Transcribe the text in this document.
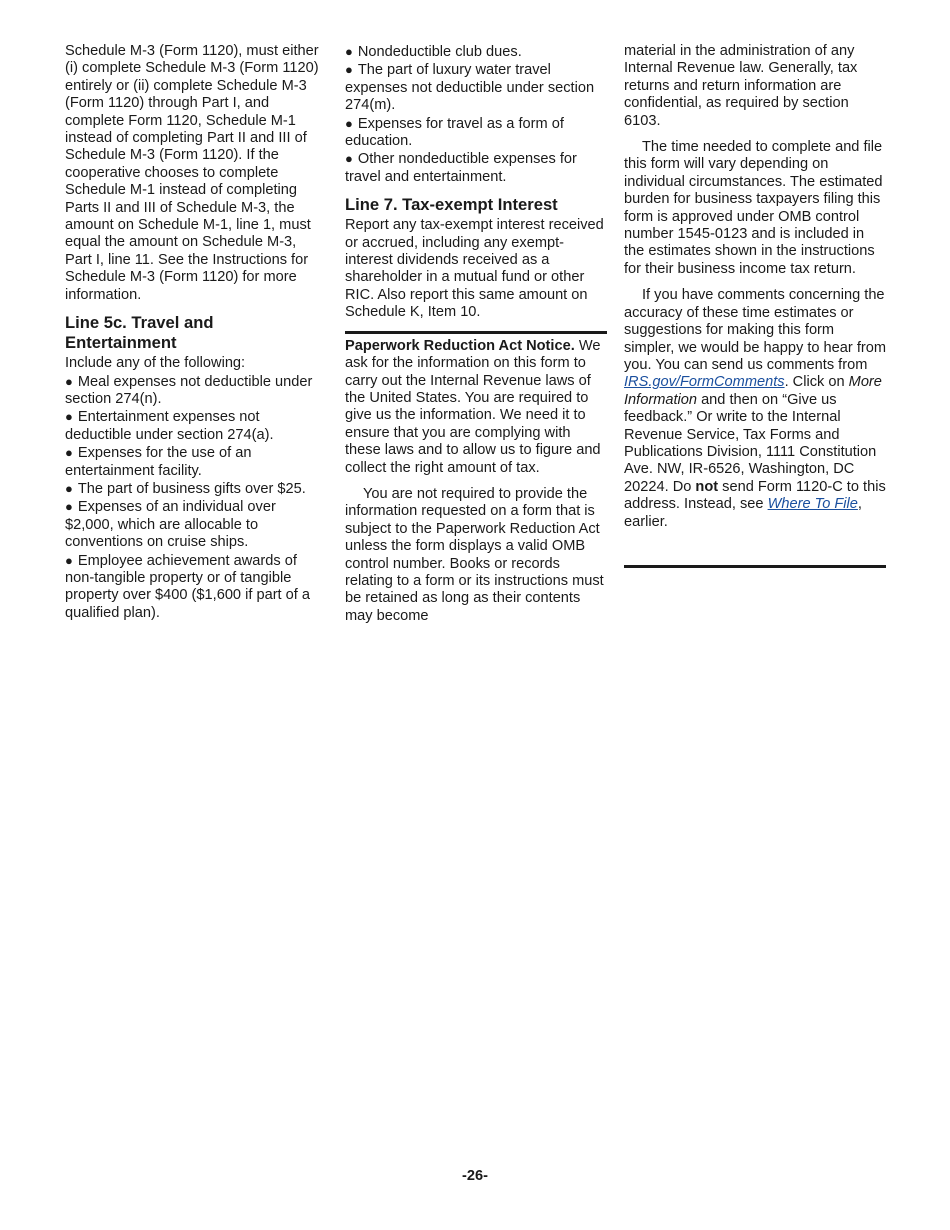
Schedule M-3 (Form 1120), must either (i) complete Schedule M-3 (Form 1120) entirely or (ii) complete Schedule M-3 (Form 1120) through Part I, and complete Form 1120, Schedule M-1 instead of completing Part II and III of Schedule M-3 (Form 1120). If the cooperative chooses to complete Schedule M-1 instead of completing Parts II and III of Schedule M-3, the amount on Schedule M-1, line 1, must equal the amount on Schedule M-3, Part I, line 11. See the Instructions for Schedule M-3 (Form 1120) for more information.

Line 5c. Travel and Entertainment

Include any of the following:

● Meal expenses not deductible under section 274(n).
● Entertainment expenses not deductible under section 274(a).
● Expenses for the use of an entertainment facility.
● The part of business gifts over $25.
● Expenses of an individual over $2,000, which are allocable to conventions on cruise ships.
● Employee achievement awards of non-tangible property or of tangible property over $400 ($1,600 if part of a qualified plan).
● Nondeductible club dues.
● The part of luxury water travel expenses not deductible under section 274(m).
● Expenses for travel as a form of education.
● Other nondeductible expenses for travel and entertainment.
Line 7. Tax-exempt Interest

Report any tax-exempt interest received or accrued, including any exempt-interest dividends received as a shareholder in a mutual fund or other RIC. Also report this same amount on Schedule K, Item 10.

Paperwork Reduction Act Notice. We ask for the information on this form to carry out the Internal Revenue laws of the United States. You are required to give us the information. We need it to ensure that you are complying with these laws and to allow us to figure and collect the right amount of tax.

You are not required to provide the information requested on a form that is subject to the Paperwork Reduction Act unless the form displays a valid OMB control number. Books or records relating to a form or its instructions must be retained as long as their contents may become

material in the administration of any Internal Revenue law. Generally, tax returns and return information are confidential, as required by section 6103.

The time needed to complete and file this form will vary depending on individual circumstances. The estimated burden for business taxpayers filing this form is approved under OMB control number 1545-0123 and is included in the estimates shown in the instructions for their business income tax return.

If you have comments concerning the accuracy of these time estimates or suggestions for making this form simpler, we would be happy to hear from you. You can send us comments from IRS.gov/FormComments. Click on More Information and then on “Give us feedback.” Or write to the Internal Revenue Service, Tax Forms and Publications Division, 1111 Constitution Ave. NW, IR-6526, Washington, DC 20224. Do not send Form 1120-C to this address. Instead, see Where To File, earlier.

-26-
